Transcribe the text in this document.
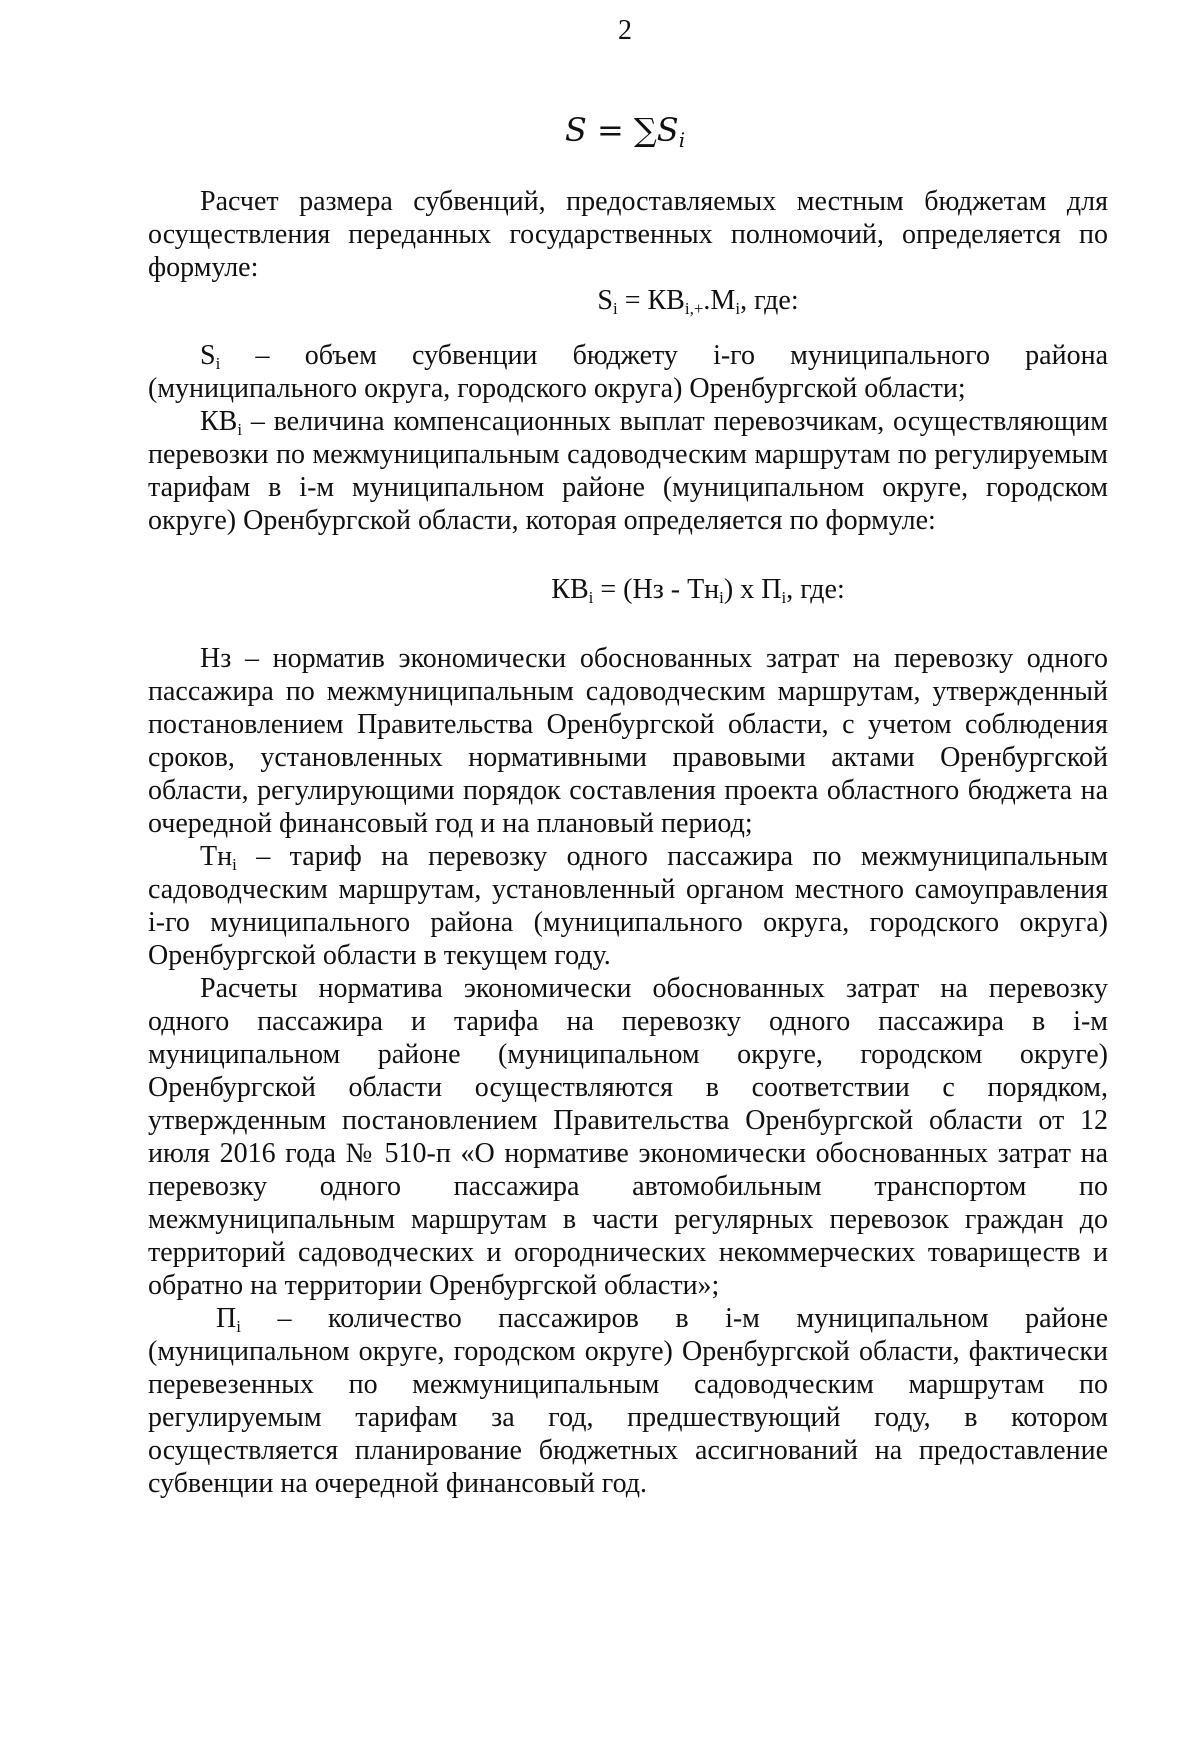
2
$S = \sum S_i$

Расчет размера субвенций, предоставляемых местным бюджетам для осуществления переданных государственных полномочий, определяется по формуле:

$S_i = КВ_{i,+}.M_i$, где:

$S_i$ – объем субвенции бюджету i-го муниципального района (муниципального округа, городского округа) Оренбургской области;

$КВ_i$ – величина компенсационных выплат перевозчикам, осуществляющим перевозки по межмуниципальным садоводческим маршрутам по регулируемым тарифам в i-м муниципальном районе (муниципальном округе, городском округе) Оренбургской области, которая определяется по формуле:

$КВ_i = (Нз - Тн_i)$ х $П_i$, где:

Нз – норматив экономически обоснованных затрат на перевозку одного пассажира по межмуниципальным садоводческим маршрутам, утвержденный постановлением Правительства Оренбургской области, с учетом соблюдения сроков, установленных нормативными правовыми актами Оренбургской области, регулирующими порядок составления проекта областного бюджета на очередной финансовый год и на плановый период;

$Тн_i$ – тариф на перевозку одного пассажира по межмуниципальным садоводческим маршрутам, установленный органом местного самоуправления i-го муниципального района (муниципального округа, городского округа) Оренбургской области в текущем году.

Расчеты норматива экономически обоснованных затрат на перевозку одного пассажира и тарифа на перевозку одного пассажира в i-м муниципальном районе (муниципальном округе, городском округе) Оренбургской области осуществляются в соответствии с порядком, утвержденным постановлением Правительства Оренбургской области от 12 июля 2016 года № 510-п «О нормативе экономически обоснованных затрат на перевозку одного пассажира автомобильным транспортом по межмуниципальным маршрутам в части регулярных перевозок граждан до территорий садоводческих и огороднических некоммерческих товариществ и обратно на территории Оренбургской области»;

$П_i$ – количество пассажиров в i-м муниципальном районе (муниципальном округе, городском округе) Оренбургской области, фактически перевезенных по межмуниципальным садоводческим маршрутам по регулируемым тарифам за год, предшествующий году, в котором осуществляется планирование бюджетных ассигнований на предоставление субвенции на очередной финансовый год.
